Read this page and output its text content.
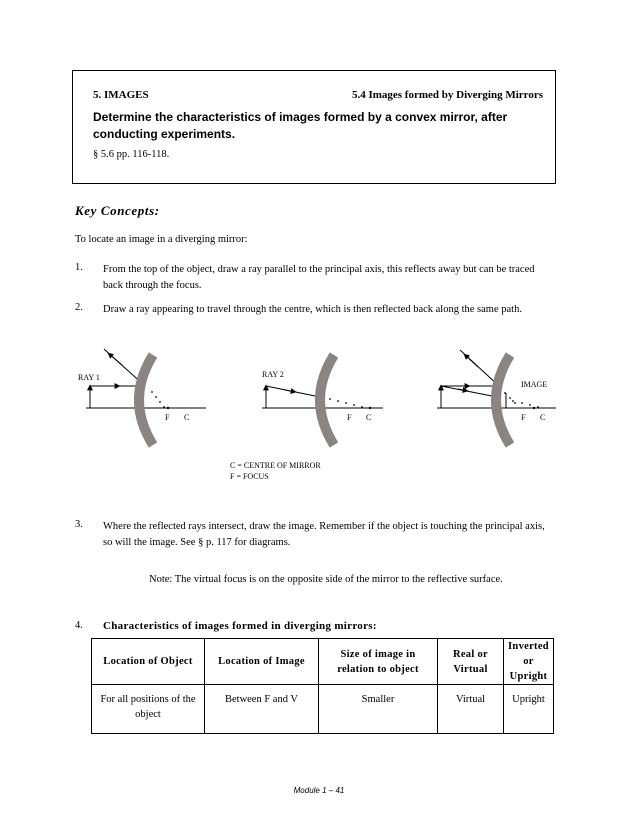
5. IMAGES	5.4 Images formed by Diverging Mirrors
Determine the characteristics of images formed by a convex mirror, after conducting experiments.
§ 5.6 pp. 116-118.
Key Concepts:
To locate an image in a diverging mirror:
1. From the top of the object, draw a ray parallel to the principal axis, this reflects away but can be traced back through the focus.
2. Draw a ray appearing to travel through the centre, which is then reflected back along the same path.
RAY 1
F C
RAY 2
F C
IMAGE
F C
C = CENTRE OF MIRROR
F = FOCUS
3. Where the reflected rays intersect, draw the image. Remember if the object is touching the principal axis, so will the image. See § p. 117 for diagrams.
Note: The virtual focus is on the opposite side of the mirror to the reflective surface.
4. Characteristics of images formed in diverging mirrors:
Location of Object	Location of Image	Size of image in relation to object	Real or Virtual	Inverted or Upright
For all positions of the object	Between F and V	Smaller	Virtual	Upright
Module 1 – 41
